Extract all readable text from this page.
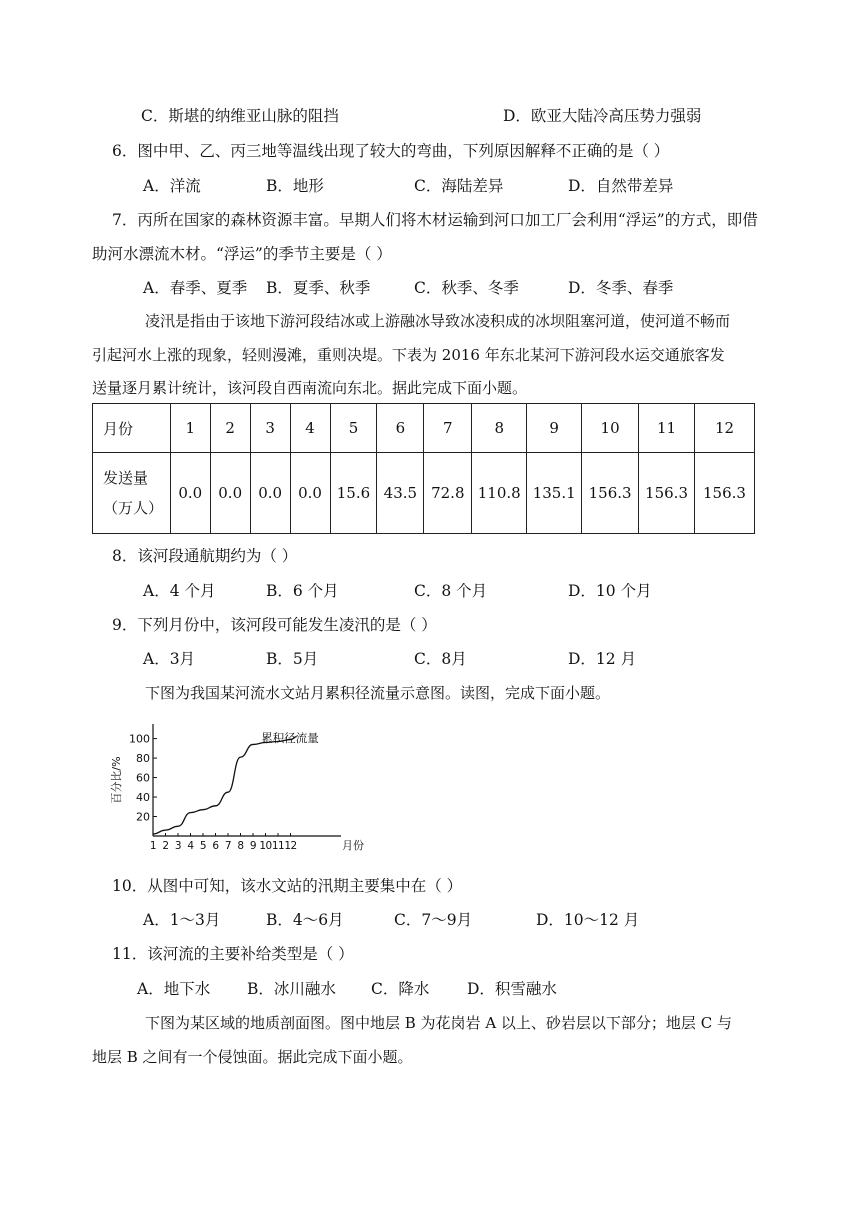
C．斯堪的纳维亚山脉的阻挡	D．欧亚大陆冷高压势力强弱
6．图中甲、乙、丙三地等温线出现了较大的弯曲，下列原因解释不正确的是（ ）
A．洋流	B．地形	C．海陆差异	D．自然带差异
7．丙所在国家的森林资源丰富。早期人们将木材运输到河口加工厂会利用“浮运”的方式，即借
助河水漂流木材。“浮运”的季节主要是（ ）
A．春季、夏季 B．夏季、秋季	C．秋季、冬季	D．冬季、春季
凌汛是指由于该地下游河段结冰或上游融冰导致冰凌积成的冰坝阻塞河道，使河道不畅而
引起河水上涨的现象，轻则漫滩，重则决堤。下表为 2016 年东北某河下游河段水运交通旅客发
送量逐月累计统计，该河段自西南流向东北。据此完成下面小题。
月份	1	2	3	4	5	6	7	8	9	10	11	12

发送量
（万人）	0.0	0.0	0.0	0.0	15.6	43.5	72.8	110.8	135.1	156.3	156.3	156.3
8．该河段通航期约为（ ）
A．4 个月	B．6 个月	C．8 个月	D．10 个月
9．下列月份中，该河段可能发生凌汛的是（ ）
A．3月	B．5月	C．8月	D．12 月
下图为我国某河流水文站月累积径流量示意图。读图，完成下面小题。
20
40
60
80
100
1 2 3 4 5 6 7 8 9 10 11 12	月份
百分比/%
累积径流量
10．从图中可知，该水文站的汛期主要集中在（ ）
A．1～3月	B．4～6月	C．7～9月	D．10～12 月
11．该河流的主要补给类型是（ ）
A．地下水 B．冰川融水 C．降水 D．积雪融水
下图为某区域的地质剖面图。图中地层 B 为花岗岩 A 以上、砂岩层以下部分；地层 C 与
地层 B 之间有一个侵蚀面。据此完成下面小题。
